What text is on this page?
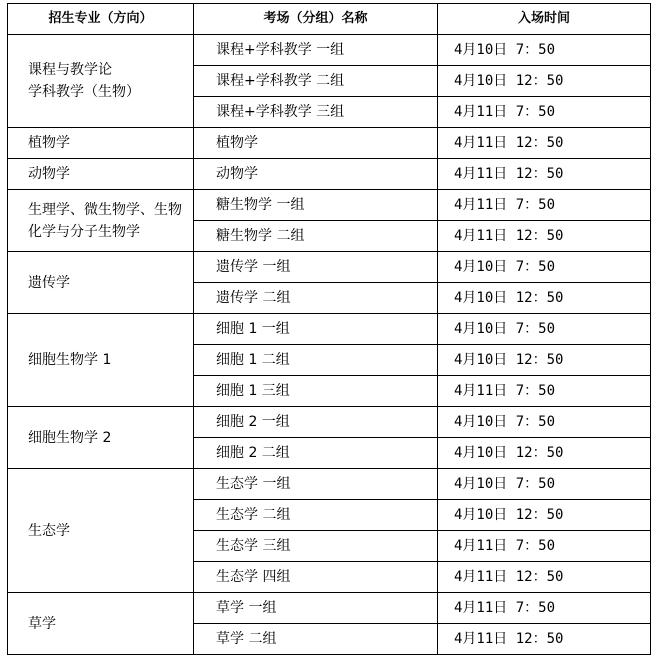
招生专业（方向）	考场（分组）名称	入场时间
课程与教学论
学科教学（生物）	课程+学科教学 一组	4月10日 7：50
	课程+学科教学 二组	4月10日 12：50
	课程+学科教学 三组	4月11日 7：50
植物学	植物学	4月11日 12：50
动物学	动物学	4月11日 12：50
生理学、微生物学、生物化学与分子生物学	糖生物学 一组	4月11日 7：50
	糖生物学 二组	4月11日 12：50
遗传学	遗传学 一组	4月10日 7：50
	遗传学 二组	4月10日 12：50
细胞生物学 1	细胞 1 一组	4月10日 7：50
	细胞 1 二组	4月10日 12：50
	细胞 1 三组	4月11日 7：50
细胞生物学 2	细胞 2 一组	4月10日 7：50
	细胞 2 二组	4月10日 12：50
生态学	生态学 一组	4月10日 7：50
	生态学 二组	4月10日 12：50
	生态学 三组	4月11日 7：50
	生态学 四组	4月11日 12：50
草学	草学 一组	4月11日 7：50
	草学 二组	4月11日 12：50
